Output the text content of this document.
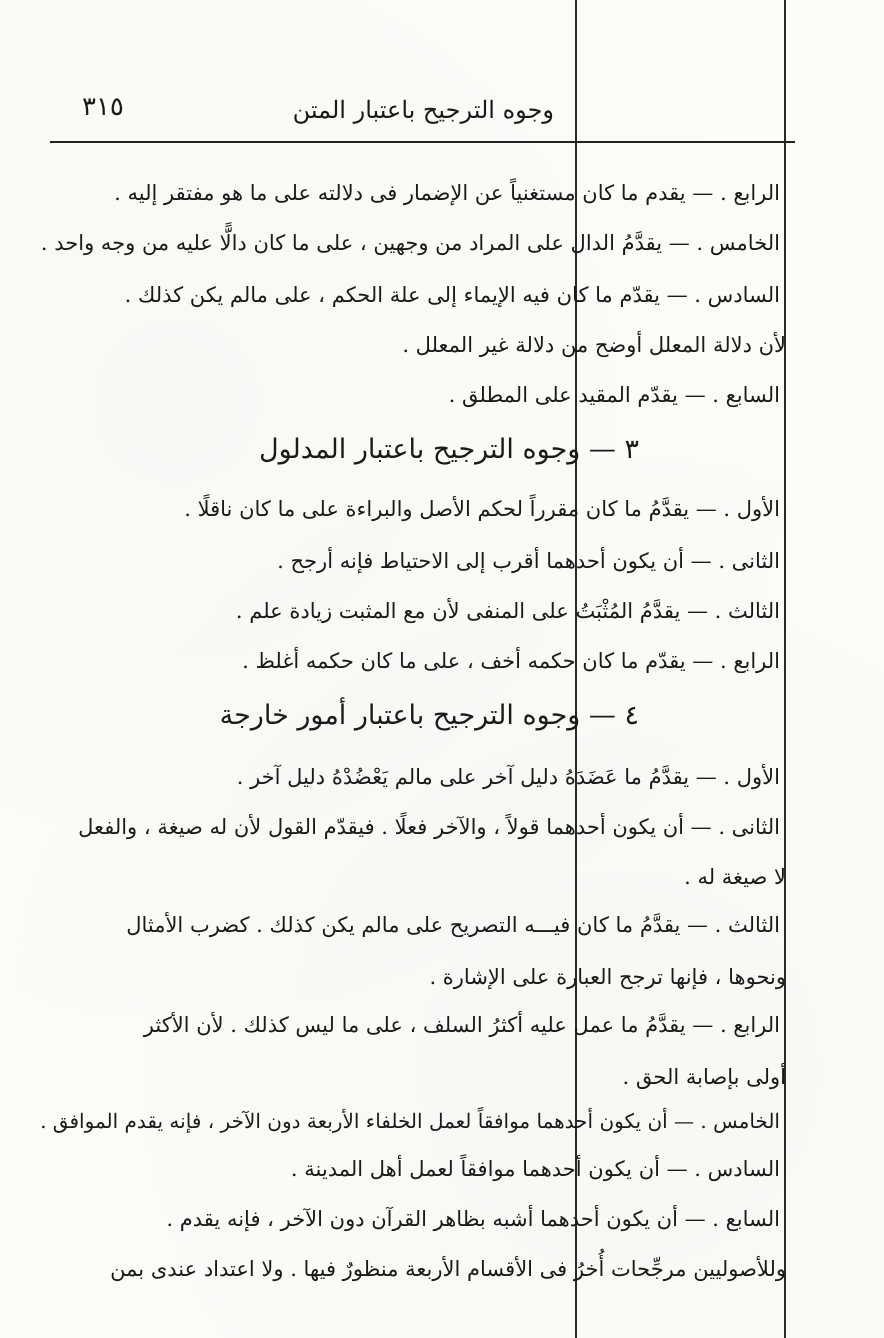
٣١٥	وجوه الترجيح باعتبار المتن
الرابع . — يقدم ما كان مستغنياً عن الإضمار فى دلالته على ما هو مفتقر إليه .
الخامس . — يقدَّمُ الدال على المراد من وجهين ، على ما كان دالًّا عليه من وجه واحد .
السادس . — يقدّم ما كان فيه الإيماء إلى علة الحكم ، على مالم يكن كذلك .
لأن دلالة المعلل أوضح من دلالة غير المعلل .
السابع . — يقدّم المقيد على المطلق .
٣ — وجوه الترجيح باعتبار المدلول
الأول . — يقدَّمُ ما كان مقرراً لحكم الأصل والبراءة على ما كان ناقلًا .
الثانى . — أن يكون أحدهما أقرب إلى الاحتياط فإنه أرجح .
الثالث . — يقدَّمُ المُثْبَتُ على المنفى لأن مع المثبت زيادة علم .
الرابع . — يقدّم ما كان حكمه أخف ، على ما كان حكمه أغلظ .
٤ — وجوه الترجيح باعتبار أمور خارجة
الأول . — يقدَّمُ ما عَضَدَهُ دليل آخر على مالم يَعْضُدْهُ دليل آخر .
الثانى . — أن يكون أحدهما قولاً ، والآخر فعلًا . فيقدّم القول لأن له صيغة ، والفعل
لا صيغة له .
الثالث . — يقدَّمُ ما كان فيـــه التصريح على مالم يكن كذلك . كضرب الأمثال
ونحوها ، فإنها ترجح العبارة على الإشارة .
الرابع . — يقدَّمُ ما عمل عليه أكثرُ السلف ، على ما ليس كذلك . لأن الأكثر
أولى بإصابة الحق .
الخامس . — أن يكون أحدهما موافقاً لعمل الخلفاء الأربعة دون الآخر ، فإنه يقدم الموافق .
السادس . — أن يكون أحدهما موافقاً لعمل أهل المدينة .
السابع . — أن يكون أحدهما أشبه بظاهر القرآن دون الآخر ، فإنه يقدم .
وللأصوليين مرجِّحات أُخرُ فى الأقسام الأربعة منظورٌ فيها . ولا اعتداد عندى بمن
